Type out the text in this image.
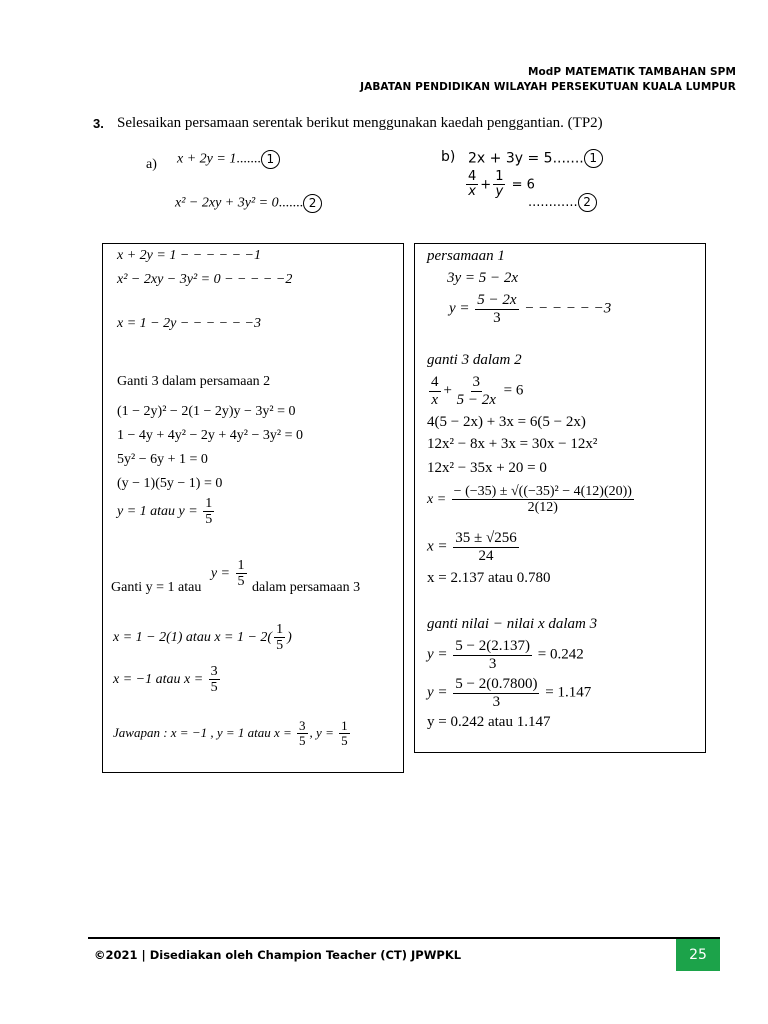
ModP MATEMATIK TAMBAHAN SPM
JABATAN PENDIDIKAN WILAYAH PERSEKUTUAN KUALA LUMPUR
3. Selesaikan persamaan serentak berikut menggunakan kaedah penggantian. (TP2)
a) x + 2y = 1....... 1
x² − 2xy + 3y² = 0....... 2
b) 2x + 3y = 5....... 1
$\frac{4}{x} + \frac{1}{y} = 6$
............ 2
x + 2y = 1 − − − − − −1
x² − 2xy − 3y² = 0 − − − − −2
x = 1 − 2y − − − − − −3
Ganti 3 dalam persamaan 2
(1 − 2y)² − 2(1 − 2y)y − 3y² = 0
1 − 4y + 4y² − 2y + 4y² − 3y² = 0
5y² − 6y + 1 = 0
(y − 1)(5y − 1) = 0
y = 1 atau $y = \frac{1}{5}$
Ganti y = 1 atau $y = \frac{1}{5}$ dalam persamaan 3
x = 1 − 2(1) atau $x = 1 - 2( \frac{1}{5}$ )
x = −1 atau $x = \frac{3}{5}$
Jawapan : x = −1 , y = 1 atau $x = \frac{3}{5}$ , $y = \frac{1}{5}$
persamaan 1
3y = 5 − 2x
$y = \frac{5 - 2x}{3}$ − − − − − −3
ganti 3 dalam 2
$\frac{4}{x} + \frac{3}{5 - 2x} = 6$
4(5 − 2x) + 3x = 6(5 − 2x)
12x² − 8x + 3x = 30x − 12x²
12x² − 35x + 20 = 0
$x = \frac{\text{− (−35) ± √((−35)² − 4(12)(20))}}{2(12)}$
$x = \frac{35 \pm √256}{24}$
x = 2.137 atau 0.780
ganti nilai − nilai x dalam 3
$y = \frac{5 - 2(2.137)}{3} = 0.242$
$y = \frac{5 - 2(0.7800)}{3} = 1.147$
y = 0.242 atau 1.147
©2021 | Disediakan oleh Champion Teacher (CT) JPWPKL	25
